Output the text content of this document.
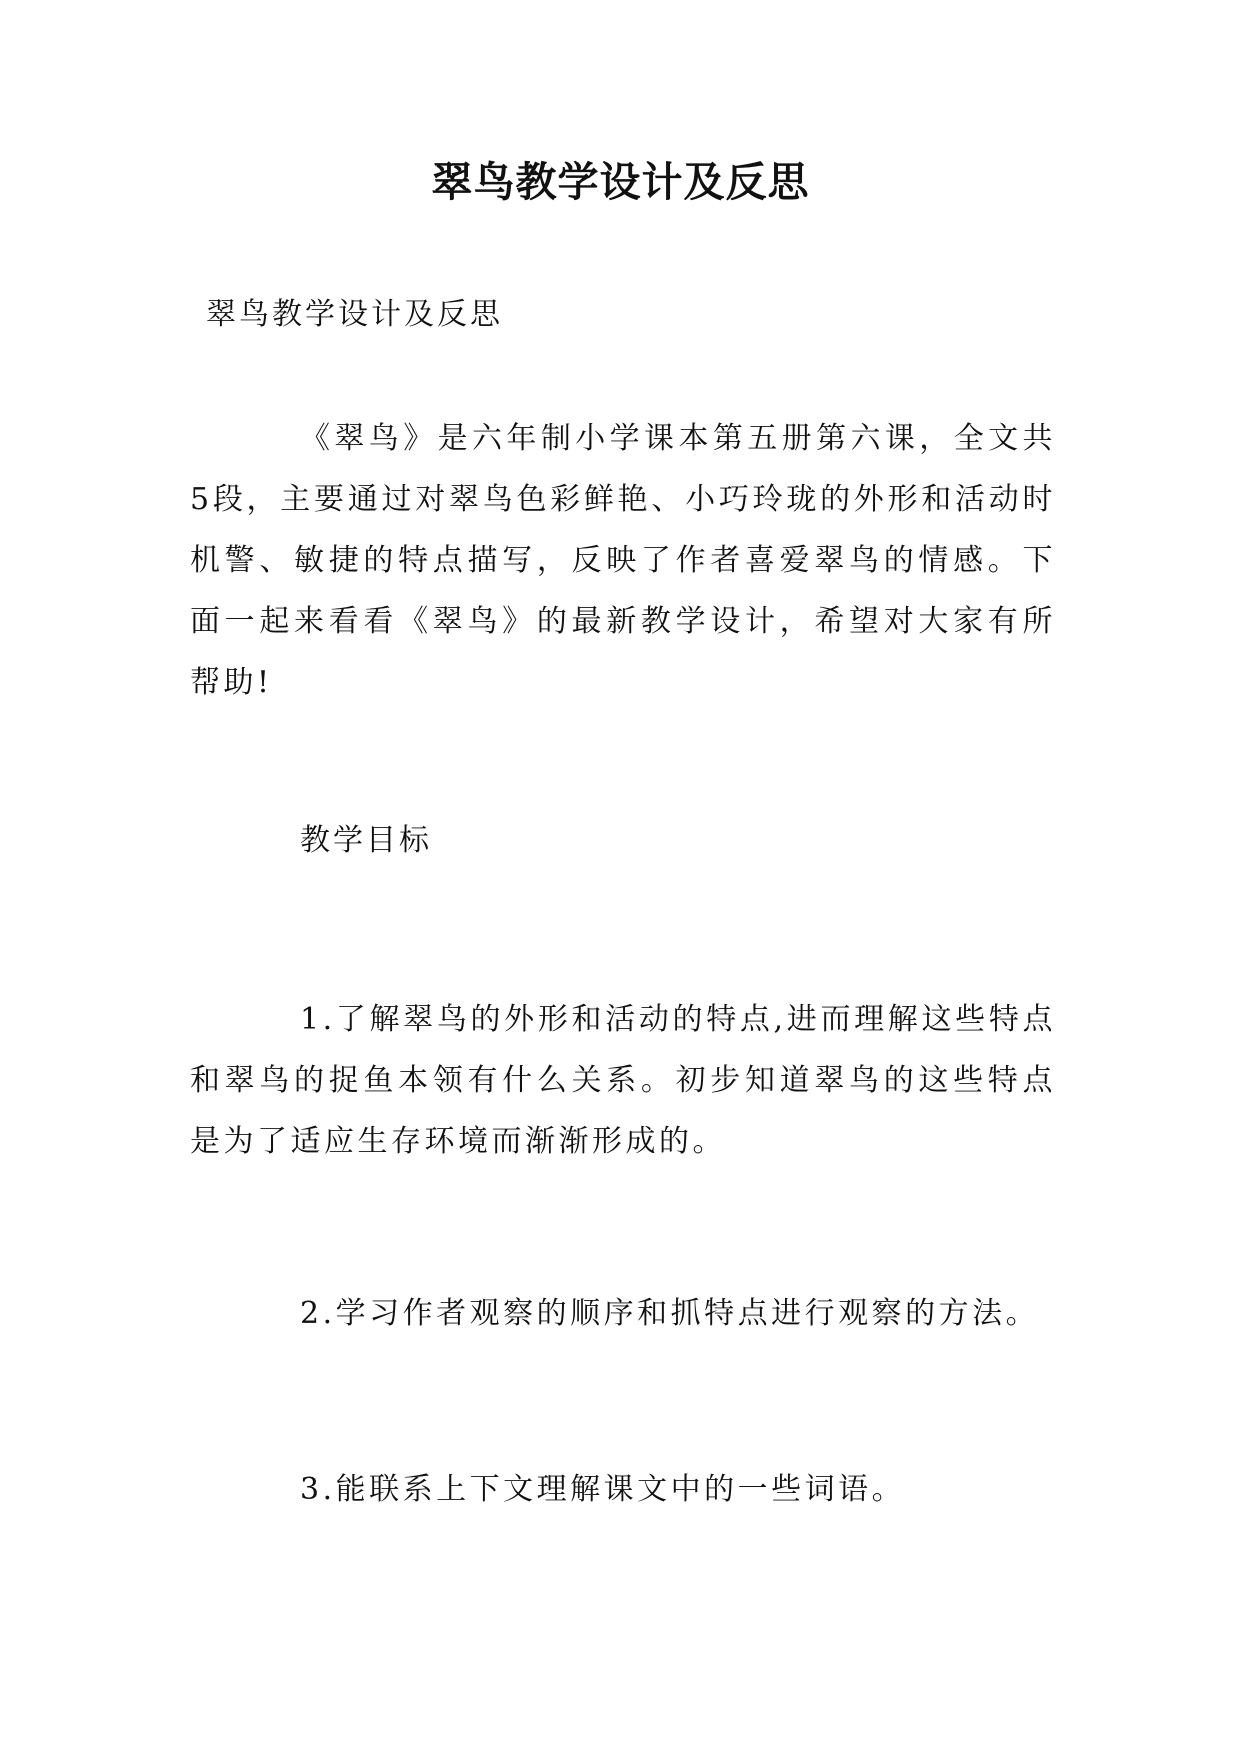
翠鸟教学设计及反思

翠鸟教学设计及反思

《翠鸟》是六年制小学课本第五册第六课，全文共5段，主要通过对翠鸟色彩鲜艳、小巧玲珑的外形和活动时机警、敏捷的特点描写，反映了作者喜爱翠鸟的情感。下面一起来看看《翠鸟》的最新教学设计，希望对大家有所帮助!

教学目标

1.了解翠鸟的外形和活动的特点,进而理解这些特点和翠鸟的捉鱼本领有什么关系。初步知道翠鸟的这些特点是为了适应生存环境而渐渐形成的。

2.学习作者观察的顺序和抓特点进行观察的方法。

3.能联系上下文理解课文中的一些词语。
